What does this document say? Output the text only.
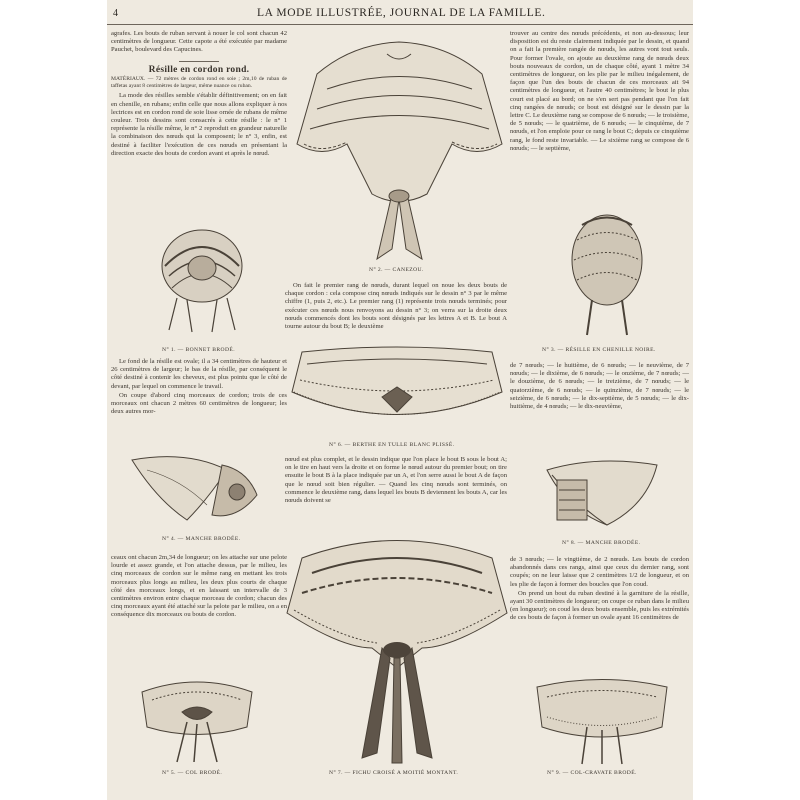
4	LA MODE ILLUSTRÉE, JOURNAL DE LA FAMILLE.

agrafes. Les bouts de ruban servant à nouer le col sont chacun 42 centimètres de longueur. Cette capote a été exécutée par madame Pauchet, boulevard des Capucines.

Résille en cordon rond.

MATÉRIAUX. — 72 mètres de cordon rond en soie ; 2m,10 de ruban de taffetas ayant 8 centimètres de largeur, même nuance ou ruban.

La mode des résilles semble s'établir définitivement; on en fait en chenille, en rubans; enfin celle que nous allons expliquer à nos lectrices est en cordon rond de soie lisse ornée de rubans de même couleur. Trois dessins sont consacrés à cette résille : le n° 1 représente la résille même, le n° 2 reproduit en grandeur naturelle la combinaison des nœuds qui la composent; le n° 3, enfin, est destiné à faciliter l'exécution de ces nœuds en présentant la direction exacte des bouts de cordon avant et après le nœud.

N° 1. — BONNET BRODÉ.

Le fond de la résille est ovale; il a 34 centimètres de hauteur et 26 centimètres de largeur; le bas de la résille, par conséquent le côté destiné à contenir les cheveux, est plus pointu que le côté de devant, par lequel on commence le travail.

On coupe d'abord cinq morceaux de cordon; trois de ces morceaux ont chacun 2 mètres 60 centimètres de longueur; les deux autres mor-

N° 4. — MANCHE BRODÉE.

ceaux ont chacun 2m,34 de longueur; on les attache sur une pelote lourde et assez grande, et l'on attache dessus, par le milieu, les cinq morceaux de cordon sur le même rang en mettant les trois morceaux plus longs au milieu, les deux plus courts de chaque côté des morceaux longs, et en laissant un intervalle de 3 centimètres environ entre chaque morceau de cordon; chacun des cinq morceaux ayant été attaché sur la pelote par le milieu, on a en conséquence dix morceaux ou bouts de cordon.

N° 5. — COL BRODÉ.
N° 2. — CANEZOU.

On fait le premier rang de nœuds, durant lequel on noue les deux bouts de chaque cordon : cela compose cinq nœuds indiqués sur le dessin n° 3 par le même chiffre (1, puis 2, etc.). Le premier rang (1) représente trois nœuds terminés; pour exécuter ces nœuds nous renvoyons au dessin n° 3; on verra sur la droite deux nœuds commencés dont les bouts sont désignés par les lettres A et B. Le bout A tourne autour du bout B; le deuxième

N° 6. — BERTHE EN TULLE BLANC PLISSÉ.

nœud est plus complet, et le dessin indique que l'on place le bout B sous le bout A; on le tire en haut vers la droite et on forme le nœud autour du premier bout; on tire ensuite le bout B à la place indiquée par un A, et l'on serre aussi le bout A de façon que le nœud soit bien régulier. — Quand les cinq nœuds sont terminés, on commence le deuxième rang, dans lequel les bouts B deviennent les bouts A, car les nœuds doivent se

N° 7. — FICHU CROISÉ A MOITIÉ MONTANT.

trouver au centre des nœuds précédents, et non au-dessous; leur disposition est du reste clairement indiquée par le dessin, et quand on a fait la première rangée de nœuds, les autres vont tout seuls. Pour former l'ovale, on ajoute au deuxième rang de nœuds deux bouts nouveaux de cordon, un de chaque côté, ayant 1 mètre 34 centimètres de longueur, on les plie par le milieu inégalement, de façon que l'un des bouts de chacun de ces morceaux ait 94 centimètres de longueur, et l'autre 40 centimètres; le bout le plus court est placé au bord; on ne s'en sert pas pendant que l'on fait cinq rangées de nœuds; ce bout est désigné sur le dessin par la lettre C. Le deuxième rang se compose de 6 nœuds; — le troisième, de 5 nœuds; — le quatrième, de 6 nœuds; — le cinquième, de 7 nœuds, et l'on emploie pour ce rang le bout C; depuis ce cinquième rang, le fond reste invariable. — Le sixième rang se compose de 6 nœuds; — le septième,

N° 3. — RÉSILLE EN CHENILLE NOIRE.

de 7 nœuds; — le huitième, de 6 nœuds; — le neuvième, de 7 nœuds; — le dixième, de 6 nœuds; — le onzième, de 7 nœuds; — le douzième, de 6 nœuds; — le treizième, de 7 nœuds; — le quatorzième, de 6 nœuds; — le quinzième, de 7 nœuds; — le seizième, de 6 nœuds; — le dix-septième, de 5 nœuds; — le dix-huitième, de 4 nœuds; — le dix-neuvième,

N° 8. — MANCHE BRODÉE.

de 3 nœuds; — le vingtième, de 2 nœuds. Les bouts de cordon abandonnés dans ces rangs, ainsi que ceux du dernier rang, sont coupés; on ne leur laisse que 2 centimètres 1/2 de longueur, et on les plie de façon à former des boucles que l'on coud.

On prend un bout du ruban destiné à la garniture de la résille, ayant 30 centimètres de longueur; on coupe ce ruban dans le milieu (en longueur); on coud les deux bouts ensemble, puis les extrémités de ces bouts de façon à former un ovale ayant 16 centimètres de

N° 9. — COL-CRAVATE BRODÉ.
